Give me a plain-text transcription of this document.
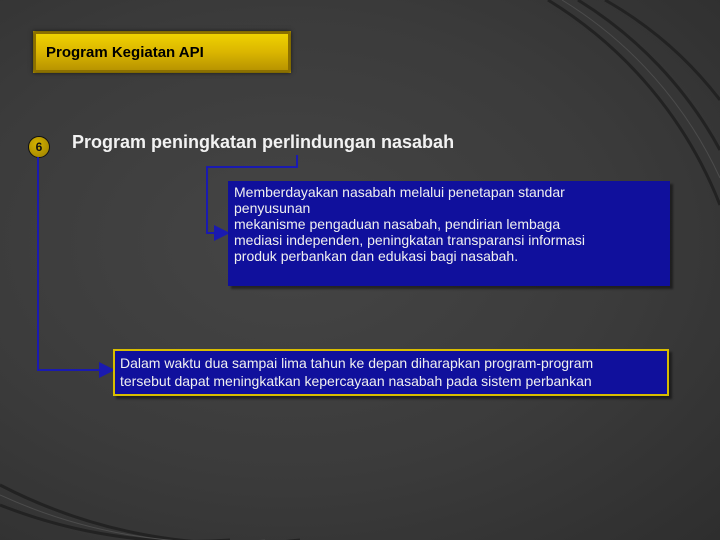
Program Kegiatan API
6 Program peningkatan perlindungan nasabah

Memberdayakan nasabah melalui penetapan standar

penyusunan

mekanisme pengaduan nasabah, pendirian lembaga

mediasi independen, peningkatan transparansi informasi

produk perbankan dan edukasi bagi nasabah.

Dalam waktu dua sampai lima tahun ke depan diharapkan program-program

tersebut dapat meningkatkan kepercayaan nasabah pada sistem perbankan
